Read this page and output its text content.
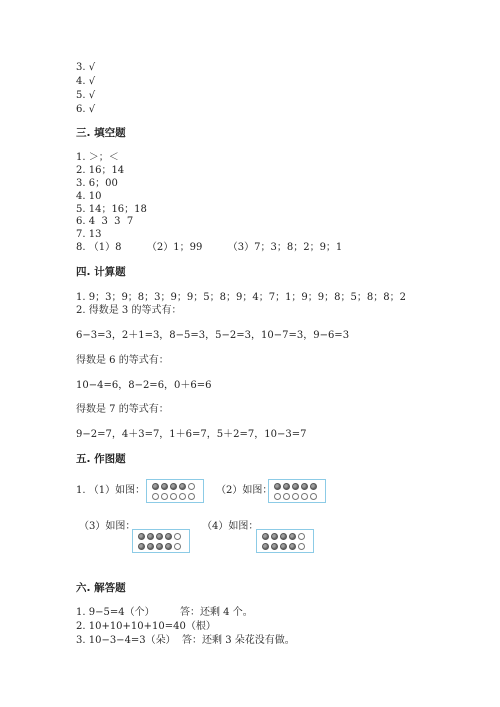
3. √
4. √
5. √
6. √
三. 填空题
1. ＞；＜
2. 16；14
3. 6；00
4. 10
5. 14；16；18
6. 4  3  3  7
7. 13
8. （1）8        （2）1；99        （3）7；3；8；2；9；1
四. 计算题
1. 9；3；9；8；3；9；9；5；8；9；4；7；1；9；9；8；5；8；8；2
2. 得数是 3 的等式有：
6−3=3，2＋1=3，8−5=3，5−2=3，10−7=3，9−6=3
得数是 6 的等式有：
10−4=6，8−2=6，0＋6=6
得数是 7 的等式有：
9−2=7，4＋3=7，1＋6=7，5＋2=7，10−3=7
五. 作图题
1. （1）如图：	（2）如图：
（3）如图：	（4）如图：
六. 解答题
1. 9−5=4（个）        答：还剩 4 个。
2. 10+10+10+10=40（根）
3. 10−3−4=3（朵）  答：还剩 3 朵花没有做。
